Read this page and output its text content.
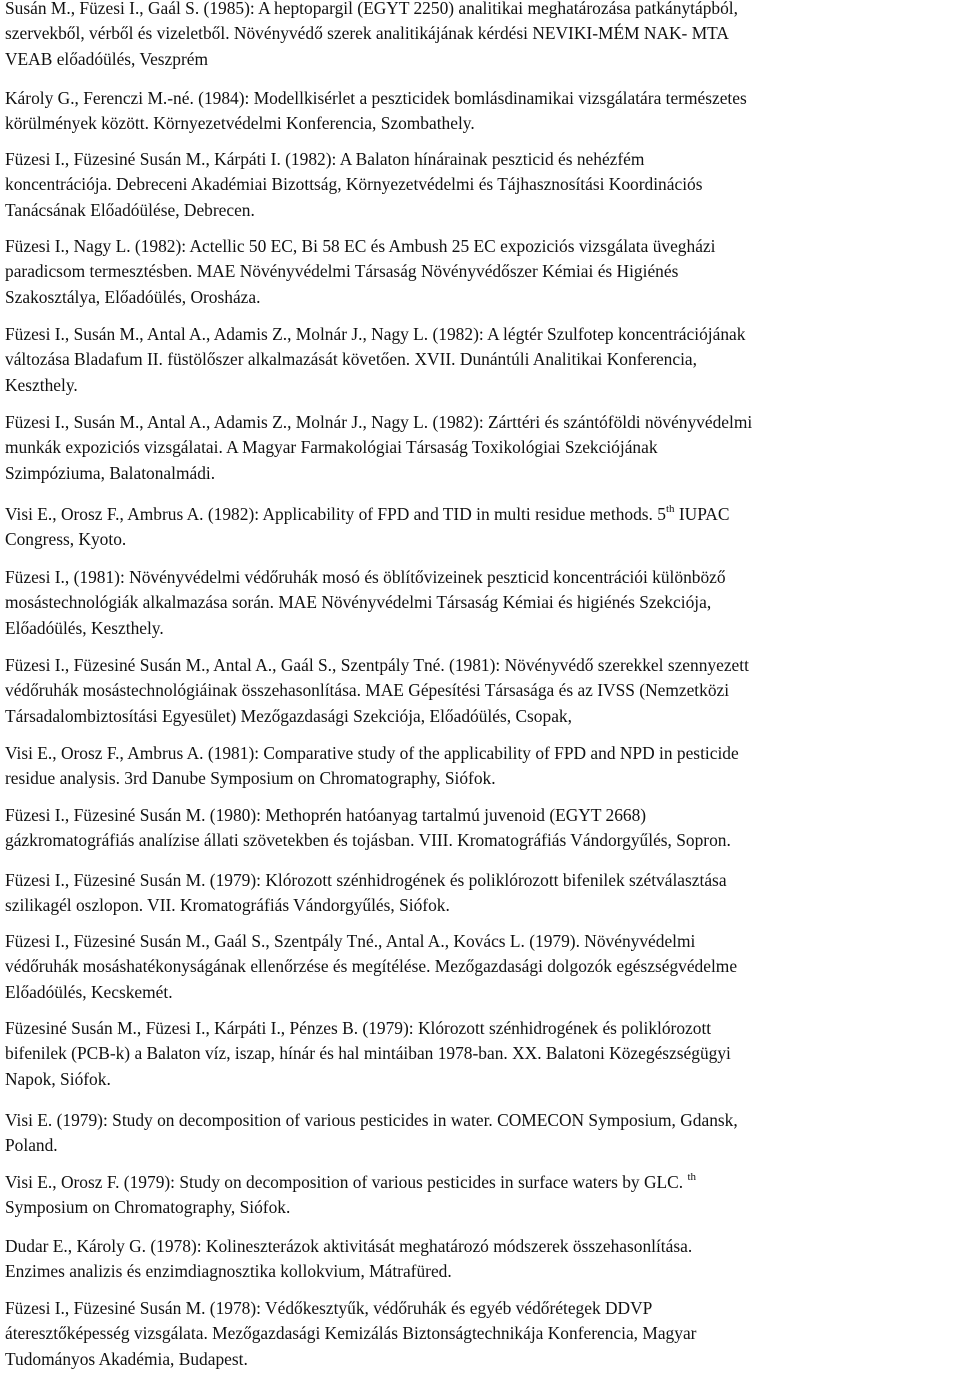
Susán M., Füzesi I., Gaál S. (1985): A heptopargil (EGYT 2250) analitikai meghatározása patkánytápból,
szervekből, vérből és vizeletből. Növényvédő szerek analitikájának kérdési NEVIKI-MÉM NAK- MTA
VEAB előadóülés, Veszprém
Károly G., Ferenczi M.-né. (1984): Modellkisérlet a peszticidek bomlásdinamikai vizsgálatára természetes
körülmények között. Környezetvédelmi Konferencia, Szombathely.
Füzesi I., Füzesiné Susán M., Kárpáti I. (1982): A Balaton hínárainak peszticid és nehézfém
koncentrációja. Debreceni Akadémiai Bizottság, Környezetvédelmi és Tájhasznosítási Koordinációs
Tanácsának Előadóülése, Debrecen.
Füzesi I., Nagy L. (1982): Actellic 50 EC, Bi 58 EC és Ambush 25 EC expoziciós vizsgálata üvegházi
paradicsom termesztésben. MAE Növényvédelmi Társaság Növényvédőszer Kémiai és Higiénés
Szakosztálya, Előadóülés, Orosháza.
Füzesi I., Susán M., Antal A., Adamis Z., Molnár J., Nagy L. (1982): A légtér Szulfotep koncentrációjának
változása Bladafum II. füstölőszer alkalmazását követően. XVII. Dunántúli Analitikai Konferencia,
Keszthely.
Füzesi I., Susán M., Antal A., Adamis Z., Molnár J., Nagy L. (1982): Zárttéri és szántóföldi növényvédelmi
munkák expoziciós vizsgálatai. A Magyar Farmakológiai Társaság Toxikológiai Szekciójának
Szimpóziuma, Balatonalmádi.
Visi E., Orosz F., Ambrus A. (1982): Applicability of FPD and TID in multi residue methods. 5th IUPAC
Congress, Kyoto.
Füzesi I., (1981): Növényvédelmi védőruhák mosó és öblítővizeinek peszticid koncentrációi különböző
mosástechnológiák alkalmazása során. MAE Növényvédelmi Társaság Kémiai és higiénés Szekciója,
Előadóülés, Keszthely.
Füzesi I., Füzesiné Susán M., Antal A., Gaál S., Szentpály Tné. (1981): Növényvédő szerekkel szennyezett
védőruhák mosástechnológiáinak összehasonlítása. MAE Gépesítési Társasága és az IVSS (Nemzetközi
Társadalombiztosítási Egyesület) Mezőgazdasági Szekciója, Előadóülés, Csopak,
Visi E., Orosz F., Ambrus A. (1981): Comparative study of the applicability of FPD and NPD in pesticide
residue analysis. 3rd Danube Symposium on Chromatography, Siófok.
Füzesi I., Füzesiné Susán M. (1980): Methoprén hatóanyag tartalmú juvenoid (EGYT 2668)
gázkromatográfiás analízise állati szövetekben és tojásban. VIII. Kromatográfiás Vándorgyűlés, Sopron.
Füzesi I., Füzesiné Susán M. (1979): Klórozott szénhidrogének és poliklórozott bifenilek szétválasztása
szilikagél oszlopon. VII. Kromatográfiás Vándorgyűlés, Siófok.
Füzesi I., Füzesiné Susán M., Gaál S., Szentpály Tné., Antal A., Kovács L. (1979). Növényvédelmi
védőruhák mosáshatékonyságának ellenőrzése és megítélése. Mezőgazdasági dolgozók egészségvédelme
Előadóülés, Kecskemét.
Füzesiné Susán M., Füzesi I., Kárpáti I., Pénzes B. (1979): Klórozott szénhidrogének és poliklórozott
bifenilek (PCB-k) a Balaton víz, iszap, hínár és hal mintáiban 1978-ban. XX. Balatoni Közegészségügyi
Napok, Siófok.
Visi E. (1979): Study on decomposition of various pesticides in water. COMECON Symposium, Gdansk,
Poland.
Visi E., Orosz F. (1979): Study on decomposition of various pesticides in surface waters by GLC. $^{th}$
Symposium on Chromatography, Siófok.
Dudar E., Károly G. (1978): Kolineszterázok aktivitását meghatározó módszerek összehasonlítása.
Enzimes analizis és enzimdiagnosztika kollokvium, Mátrafüred.
Füzesi I., Füzesiné Susán M. (1978): Védőkesztyűk, védőruhák és egyéb védőrétegek DDVP
áteresztőképesség vizsgálata. Mezőgazdasági Kemizálás Biztonságtechnikája Konferencia, Magyar
Tudományos Akadémia, Budapest.
